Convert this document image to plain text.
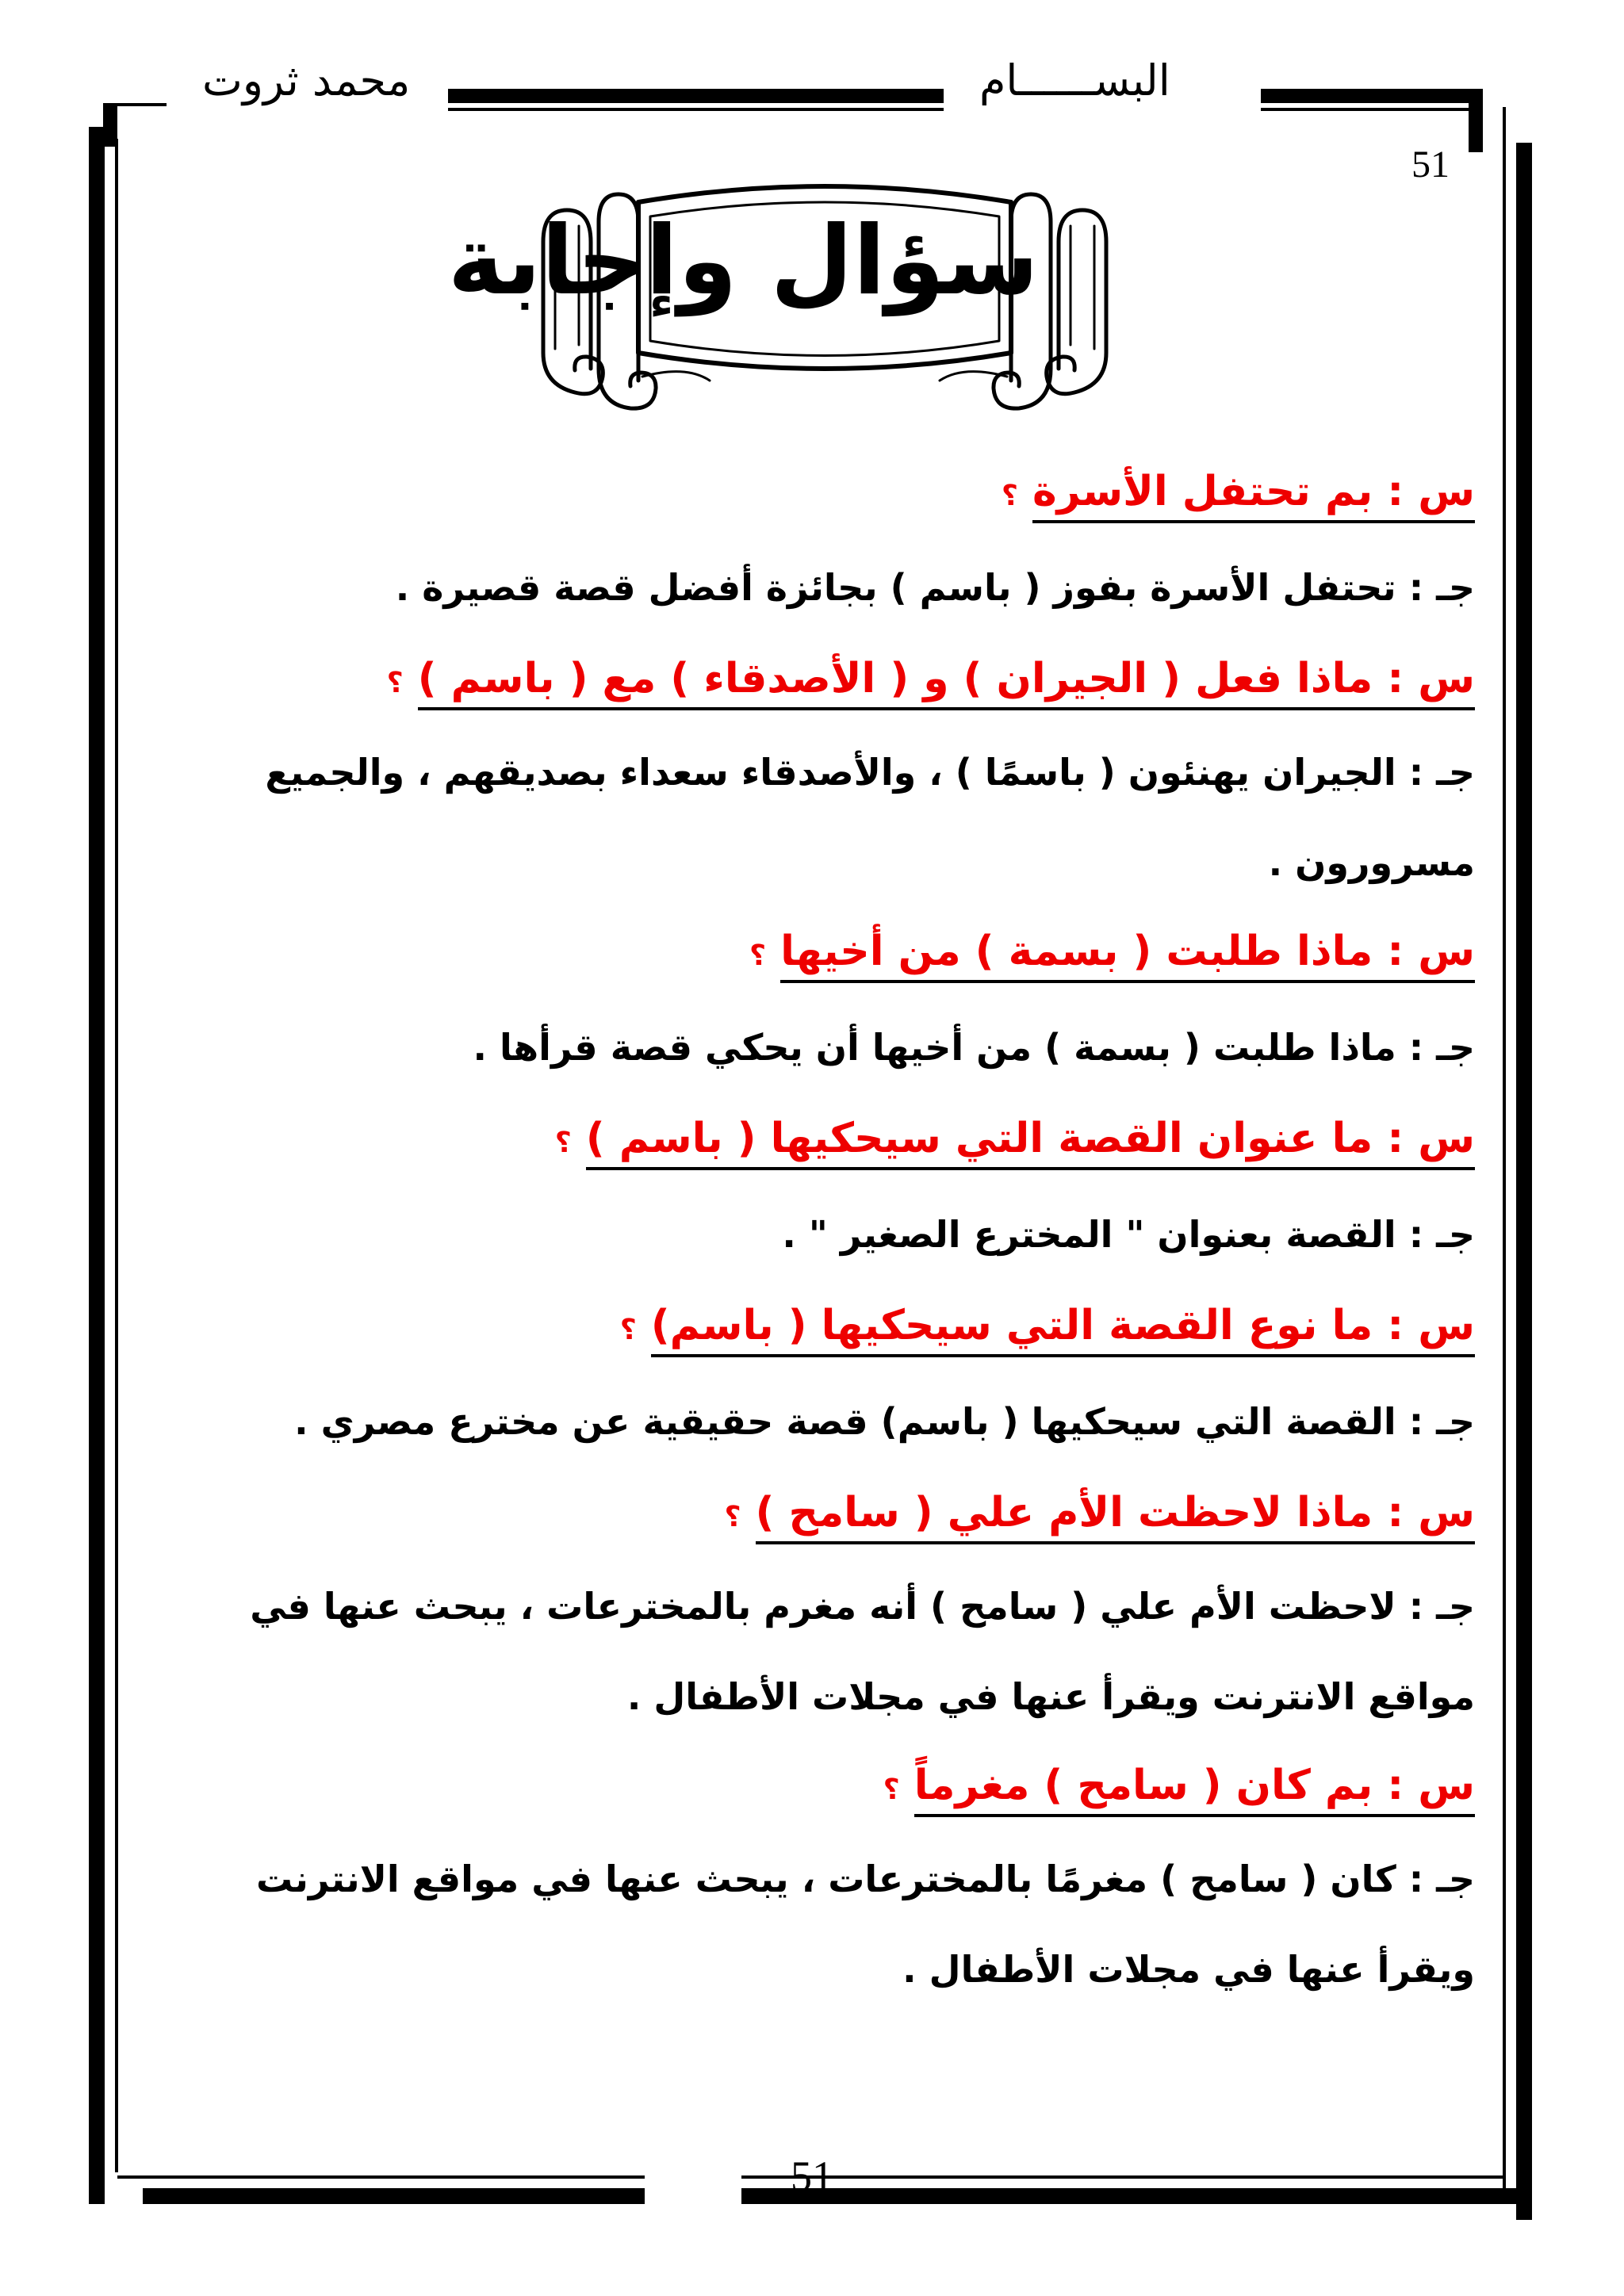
محمد ثروت	البســــــام
51
51
سؤال وإجابة
س : بم تحتفل الأسرة ؟
جـ : تحتفل الأسرة بفوز ( باسم ) بجائزة أفضل قصة قصيرة .
س : ماذا فعل ( الجيران ) و ( الأصدقاء ) مع ( باسم ) ؟
جـ : الجيران يهنئون ( باسمًا ) ، والأصدقاء سعداء بصديقهم ، والجميع
مسرورون .
س : ماذا طلبت ( بسمة ) من أخيها ؟
جـ : ماذا طلبت ( بسمة ) من أخيها أن يحكي قصة قرأها .
س : ما عنوان القصة التي سيحكيها ( باسم ) ؟
جـ : القصة بعنوان " المخترع الصغير " .
س : ما نوع القصة التي سيحكيها ( باسم) ؟
جـ : القصة التي سيحكيها ( باسم) قصة حقيقية عن مخترع مصري .
س : ماذا لاحظت الأم علي ( سامح ) ؟
جـ : لاحظت الأم علي ( سامح ) أنه مغرم بالمخترعات ، يبحث عنها في
مواقع الانترنت ويقرأ عنها في مجلات الأطفال .
س : بم كان ( سامح ) مغرماً ؟
جـ : كان ( سامح ) مغرمًا بالمخترعات ، يبحث عنها في مواقع الانترنت
ويقرأ عنها في مجلات الأطفال .
